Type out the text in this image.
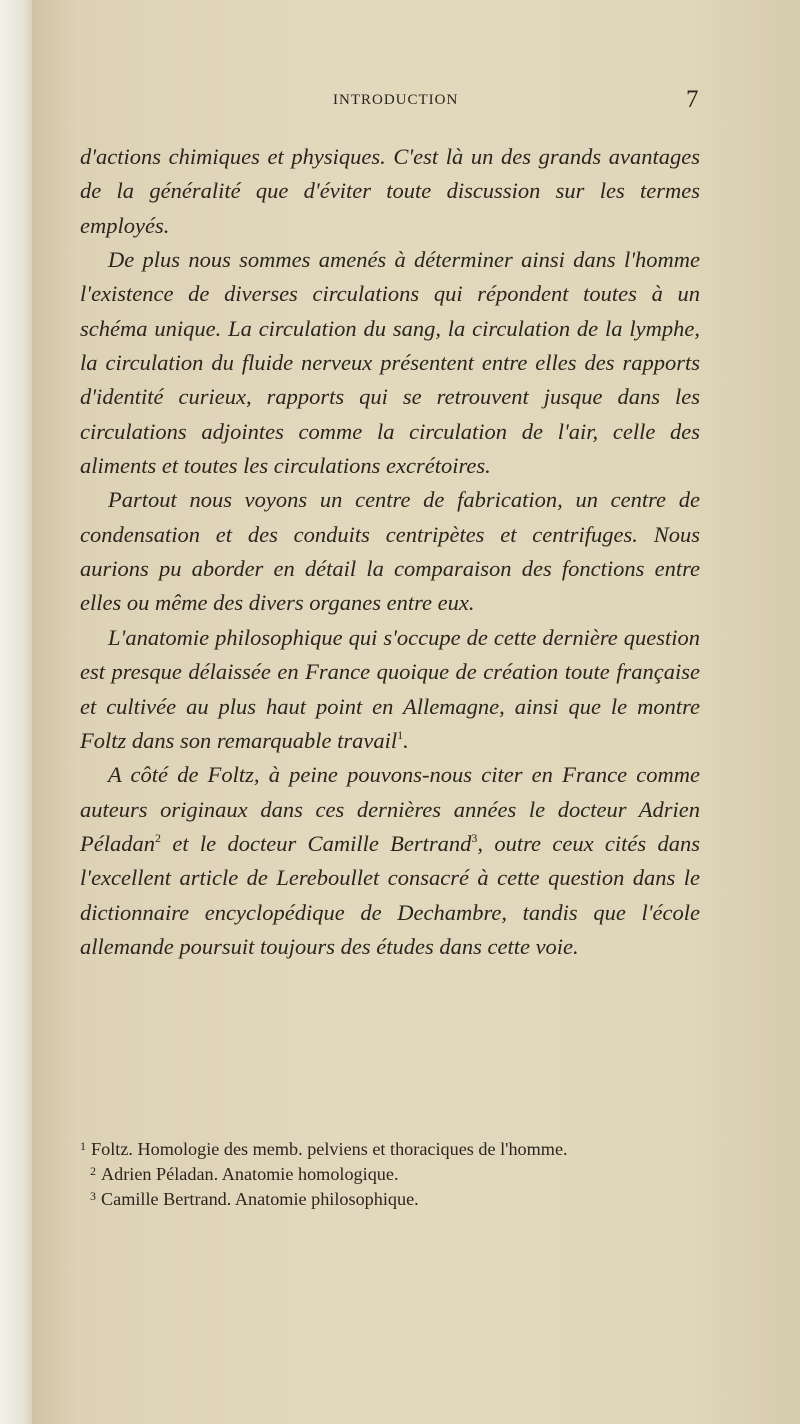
INTRODUCTION	7

d'actions chimiques et physiques. C'est là un des grands avantages de la généralité que d'éviter toute discussion sur les termes employés.

De plus nous sommes amenés à déterminer ainsi dans l'homme l'existence de diverses circulations qui répondent toutes à un schéma unique. La circulation du sang, la circulation de la lymphe, la circulation du fluide nerveux présentent entre elles des rapports d'identité curieux, rapports qui se retrouvent jusque dans les circulations adjointes comme la circulation de l'air, celle des aliments et toutes les circulations excrétoires.

Partout nous voyons un centre de fabrication, un centre de condensation et des conduits centripètes et centrifuges. Nous aurions pu aborder en détail la comparaison des fonctions entre elles ou même des divers organes entre eux.

L'anatomie philosophique qui s'occupe de cette dernière question est presque délaissée en France quoique de création toute française et cultivée au plus haut point en Allemagne, ainsi que le montre Foltz dans son remarquable travail$^1$.

A côté de Foltz, à peine pouvons-nous citer en France comme auteurs originaux dans ces dernières années le docteur Adrien Péladan$^2$ et le docteur Camille Bertrand$^3$, outre ceux cités dans l'excellent article de Lereboullet consacré à cette question dans le dictionnaire encyclopédique de Dechambre, tandis que l'école allemande poursuit toujours des études dans cette voie.

$^1$ Foltz. Homologie des memb. pelviens et thoraciques de l'homme.

$^2$ Adrien Péladan. Anatomie homologique.

$^3$ Camille Bertrand. Anatomie philosophique.
